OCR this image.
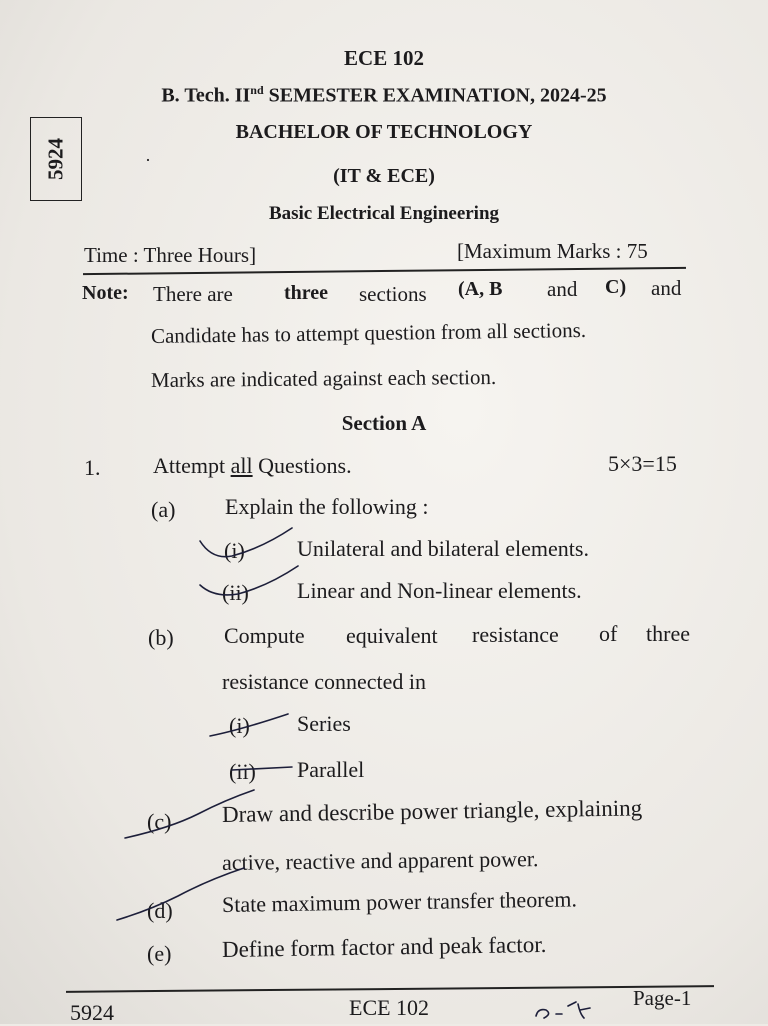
ECE 102
B. Tech. IInd SEMESTER EXAMINATION, 2024-25
BACHELOR OF TECHNOLOGY
(IT & ECE)
Basic Electrical Engineering
5924	·
Time : Three Hours]	[Maximum Marks : 75
Note: There are	three sections (A, B and C) and
Candidate has to attempt question from all sections.
Marks are indicated against each section.
Section A
1. Attempt all Questions.	5×3=15
(a) Explain the following :
(i) Unilateral and bilateral elements.
(ii) Linear and Non-linear elements.
(b) Compute equivalent resistance of three
resistance connected in
(i) Series
(ii) Parallel
(c) Draw and describe power triangle, explaining
active, reactive and apparent power.
(d) State maximum power transfer theorem.
(e) Define form factor and peak factor.
5924	ECE 102	Page-1
